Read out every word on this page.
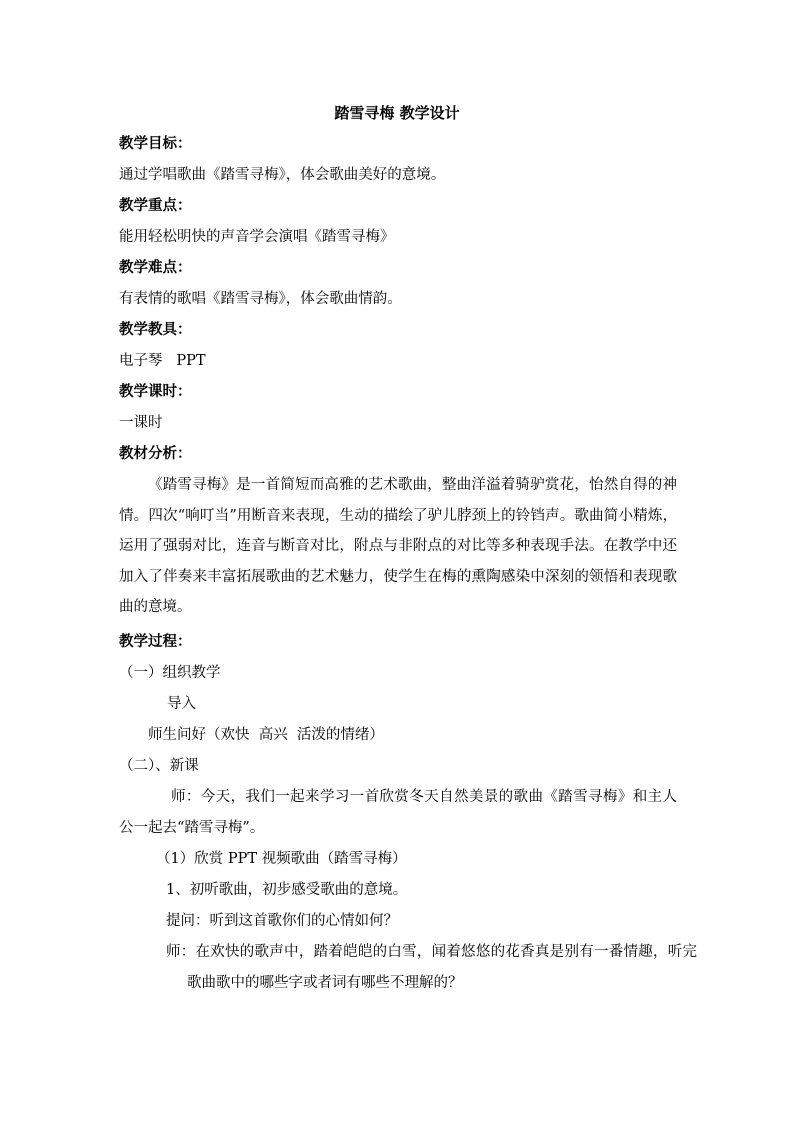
踏雪寻梅 教学设计

教学目标：

通过学唱歌曲《踏雪寻梅》，体会歌曲美好的意境。

教学重点：

能用轻松明快的声音学会演唱《踏雪寻梅》

教学难点：

有表情的歌唱《踏雪寻梅》，体会歌曲情韵。

教学教具：

电子琴   PPT

教学课时：

一课时

教材分析：

《踏雪寻梅》是一首简短而高雅的艺术歌曲，整曲洋溢着骑驴赏花，怡然自得的神情。四次“响叮当”用断音来表现，生动的描绘了驴儿脖颈上的铃铛声。歌曲简小精炼，运用了强弱对比，连音与断音对比，附点与非附点的对比等多种表现手法。在教学中还加入了伴奏来丰富拓展歌曲的艺术魅力，使学生在梅的熏陶感染中深刻的领悟和表现歌曲的意境。

教学过程：

（一）组织教学

导入

师生问好（欢快  高兴  活泼的情绪）

（二）、新课

师：今天，我们一起来学习一首欣赏冬天自然美景的歌曲《踏雪寻梅》和主人公一起去“踏雪寻梅”。

（1）欣赏 PPT 视频歌曲（踏雪寻梅）

1、初听歌曲，初步感受歌曲的意境。

提问：听到这首歌你们的心情如何？

师：在欢快的歌声中，踏着皑皑的白雪，闻着悠悠的花香真是别有一番情趣，听完歌曲歌中的哪些字或者词有哪些不理解的？
